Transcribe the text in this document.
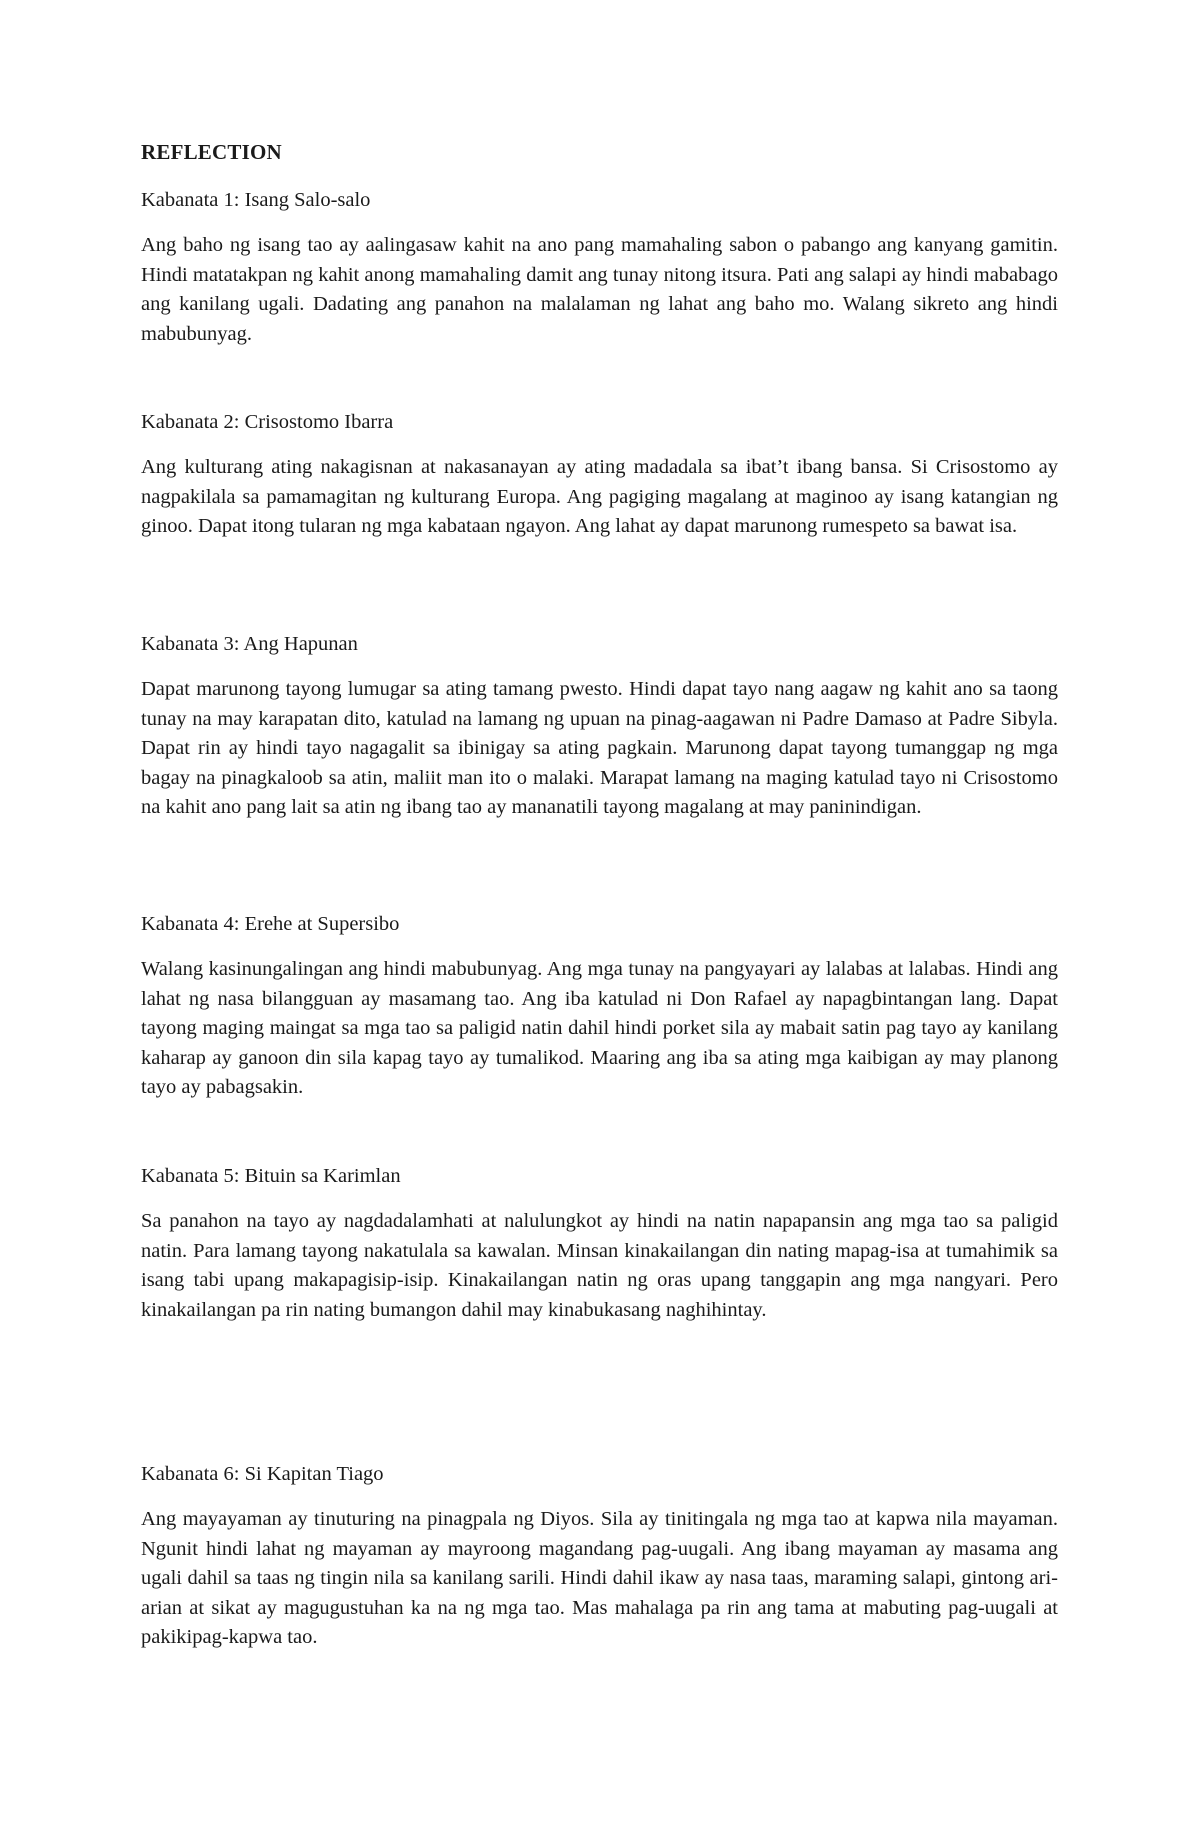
REFLECTION

Kabanata 1: Isang Salo-salo

Ang baho ng isang tao ay aalingasaw kahit na ano pang mamahaling sabon o pabango ang kanyang gamitin. Hindi matatakpan ng kahit anong mamahaling damit ang tunay nitong itsura. Pati ang salapi ay hindi mababago ang kanilang ugali. Dadating ang panahon na malalaman ng lahat ang baho mo. Walang sikreto ang hindi mabubunyag.

Kabanata 2: Crisostomo Ibarra

Ang kulturang ating nakagisnan at nakasanayan ay ating madadala sa ibat’t ibang bansa. Si Crisostomo ay nagpakilala sa pamamagitan ng kulturang Europa. Ang pagiging magalang at maginoo ay isang katangian ng ginoo. Dapat itong tularan ng mga kabataan ngayon. Ang lahat ay dapat marunong rumespeto sa bawat isa.

Kabanata 3: Ang Hapunan

Dapat marunong tayong lumugar sa ating tamang pwesto. Hindi dapat tayo nang aagaw ng kahit ano sa taong tunay na may karapatan dito, katulad na lamang ng upuan na pinag-aagawan ni Padre Damaso at Padre Sibyla. Dapat rin ay hindi tayo nagagalit sa ibinigay sa ating pagkain. Marunong dapat tayong tumanggap ng mga bagay na pinagkaloob sa atin, maliit man ito o malaki. Marapat lamang na maging katulad tayo ni Crisostomo na kahit ano pang lait sa atin ng ibang tao ay mananatili tayong magalang at may paninindigan.

Kabanata 4: Erehe at Supersibo

Walang kasinungalingan ang hindi mabubunyag. Ang mga tunay na pangyayari ay lalabas at lalabas. Hindi ang lahat ng nasa bilangguan ay masamang tao. Ang iba katulad ni Don Rafael ay napagbintangan lang. Dapat tayong maging maingat sa mga tao sa paligid natin dahil hindi porket sila ay mabait satin pag tayo ay kanilang kaharap ay ganoon din sila kapag tayo ay tumalikod. Maaring ang iba sa ating mga kaibigan ay may planong tayo ay pabagsakin.

Kabanata 5: Bituin sa Karimlan

Sa panahon na tayo ay nagdadalamhati at nalulungkot ay hindi na natin napapansin ang mga tao sa paligid natin. Para lamang tayong nakatulala sa kawalan. Minsan kinakailangan din nating mapag-isa at tumahimik sa isang tabi upang makapagisip-isip. Kinakailangan natin ng oras upang tanggapin ang mga nangyari. Pero kinakailangan pa rin nating bumangon dahil may kinabukasang naghihintay.

Kabanata 6: Si Kapitan Tiago

Ang mayayaman ay tinuturing na pinagpala ng Diyos. Sila ay tinitingala ng mga tao at kapwa nila mayaman. Ngunit hindi lahat ng mayaman ay mayroong magandang pag-uugali. Ang ibang mayaman ay masama ang ugali dahil sa taas ng tingin nila sa kanilang sarili. Hindi dahil ikaw ay nasa taas, maraming salapi, gintong ari-arian at sikat ay magugustuhan ka na ng mga tao. Mas mahalaga pa rin ang tama at mabuting pag-uugali at pakikipag-kapwa tao.
